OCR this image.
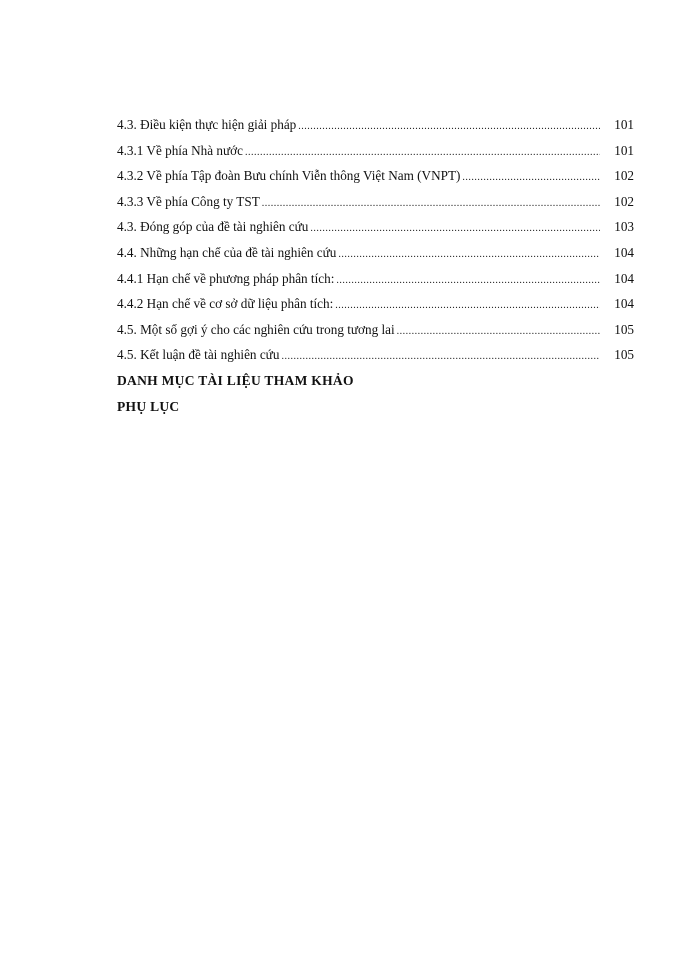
4.3. Điều kiện thực hiện giải pháp .....	101
4.3.1 Về phía Nhà nước .....	101
4.3.2 Về phía Tập đoàn Bưu chính Viễn thông Việt Nam (VNPT) .....	102
4.3.3 Về phía Công ty TST .....	102
4.3. Đóng góp của đề tài nghiên cứu .....	103
4.4. Những hạn chế của đề tài nghiên cứu .....	104
4.4.1 Hạn chế về phương pháp phân tích: .....	104
4.4.2 Hạn chế về cơ sở dữ liệu phân tích: .....	104
4.5. Một số gợi ý cho các nghiên cứu trong tương lai .....	105
4.5. Kết luận đề tài nghiên cứu .....	105
DANH MỤC TÀI LIỆU THAM KHẢO
PHỤ LỤC
